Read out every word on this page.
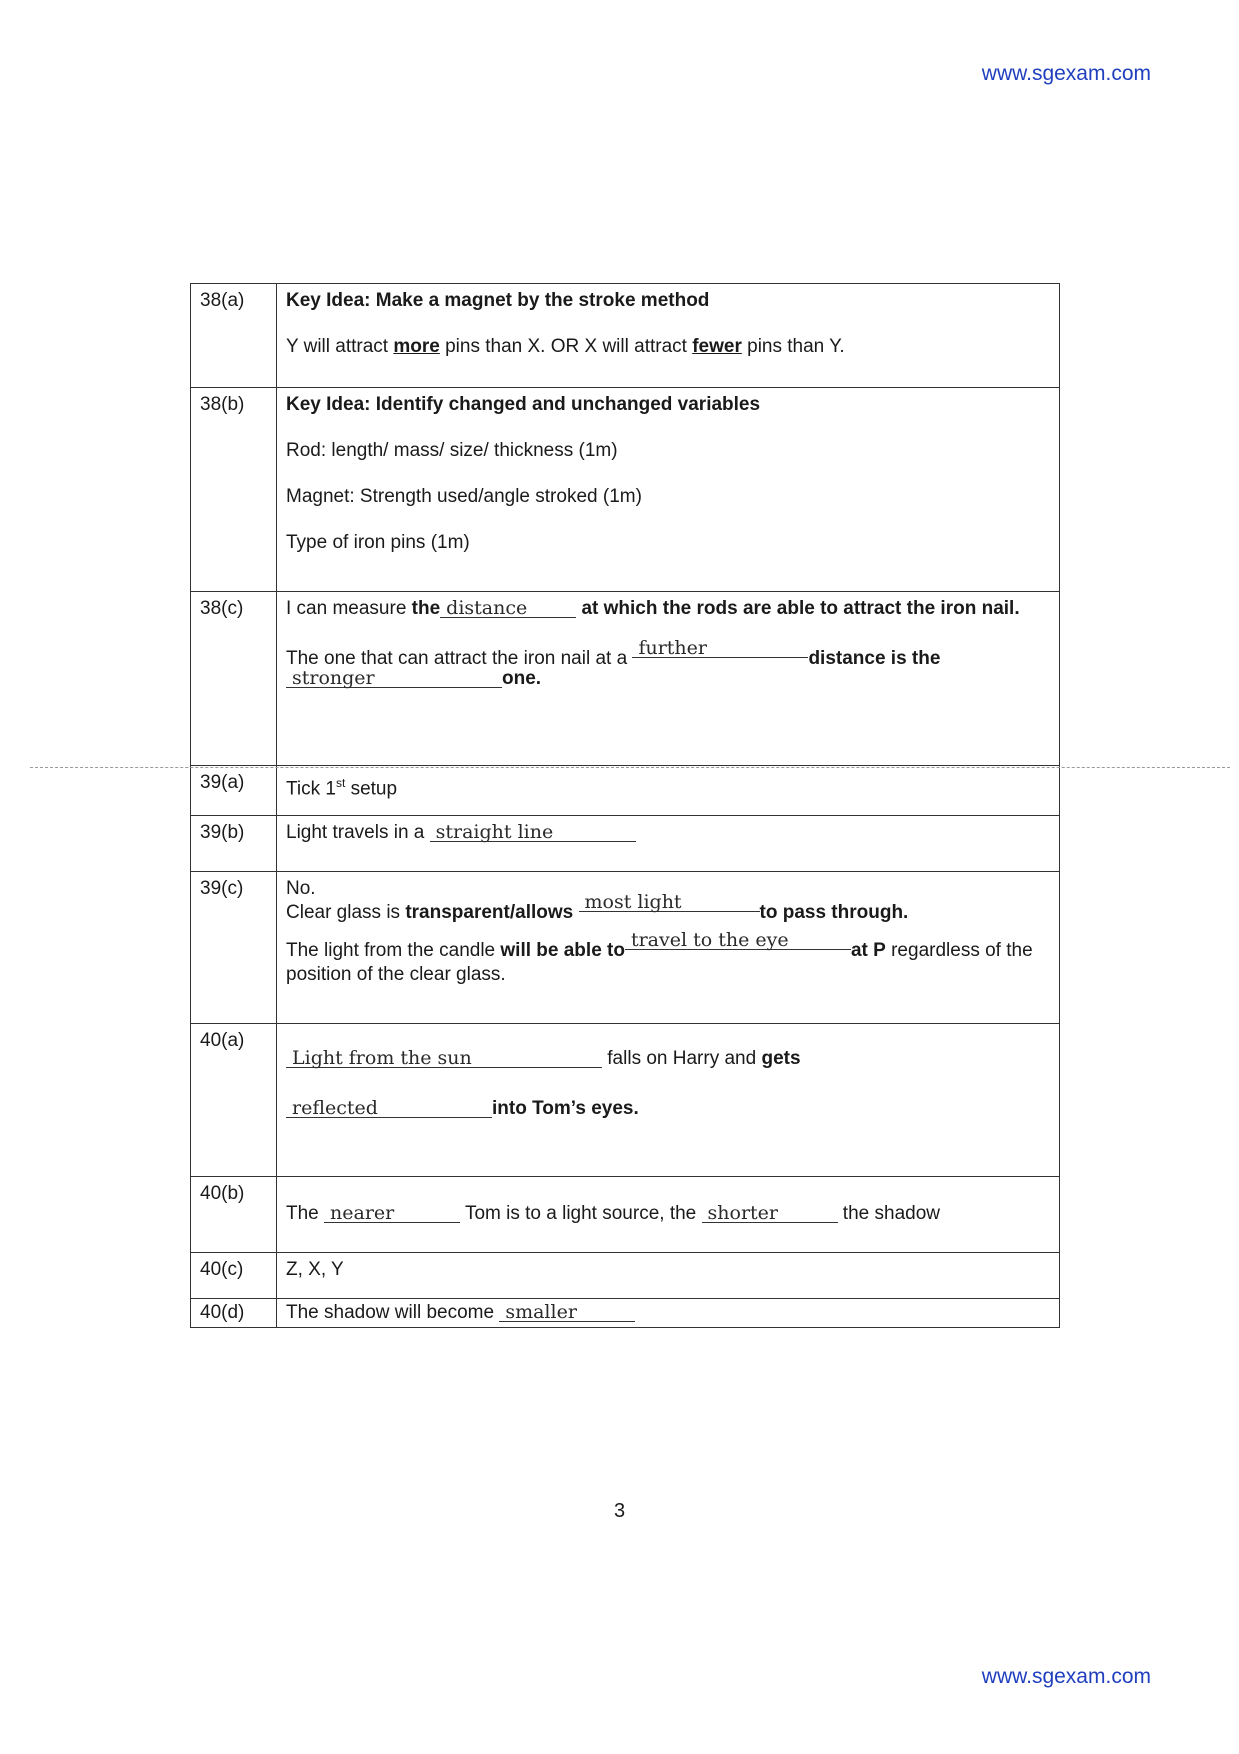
www.sgexam.com
38(a)	Key Idea: Make a magnet by the stroke method

Y will attract more pins than X. OR X will attract fewer pins than Y.

38(b)	Key Idea: Identify changed and unchanged variables

Rod: length/ mass/ size/ thickness (1m)

Magnet: Strength used/angle stroked (1m)

Type of iron pins (1m)

38(c)	I can measure the distance at which the rods are able to attract the iron nail.

The one that can attract the iron nail at a further distance is the

stronger one.

39(a)	Tick 1st setup

39(b)	Light travels in a straight line

39(c)	No.

Clear glass is transparent/allows most light to pass through.

The light from the candle will be able to travel to the eye at P regardless of the position of the clear glass.

40(a)	Light from the sun falls on Harry and gets

reflected into Tom’s eyes.

40(b)	The nearer Tom is to a light source, the shorter the shadow

40(c)	Z, X, Y

40(d)	The shadow will become smaller

3
www.sgexam.com
